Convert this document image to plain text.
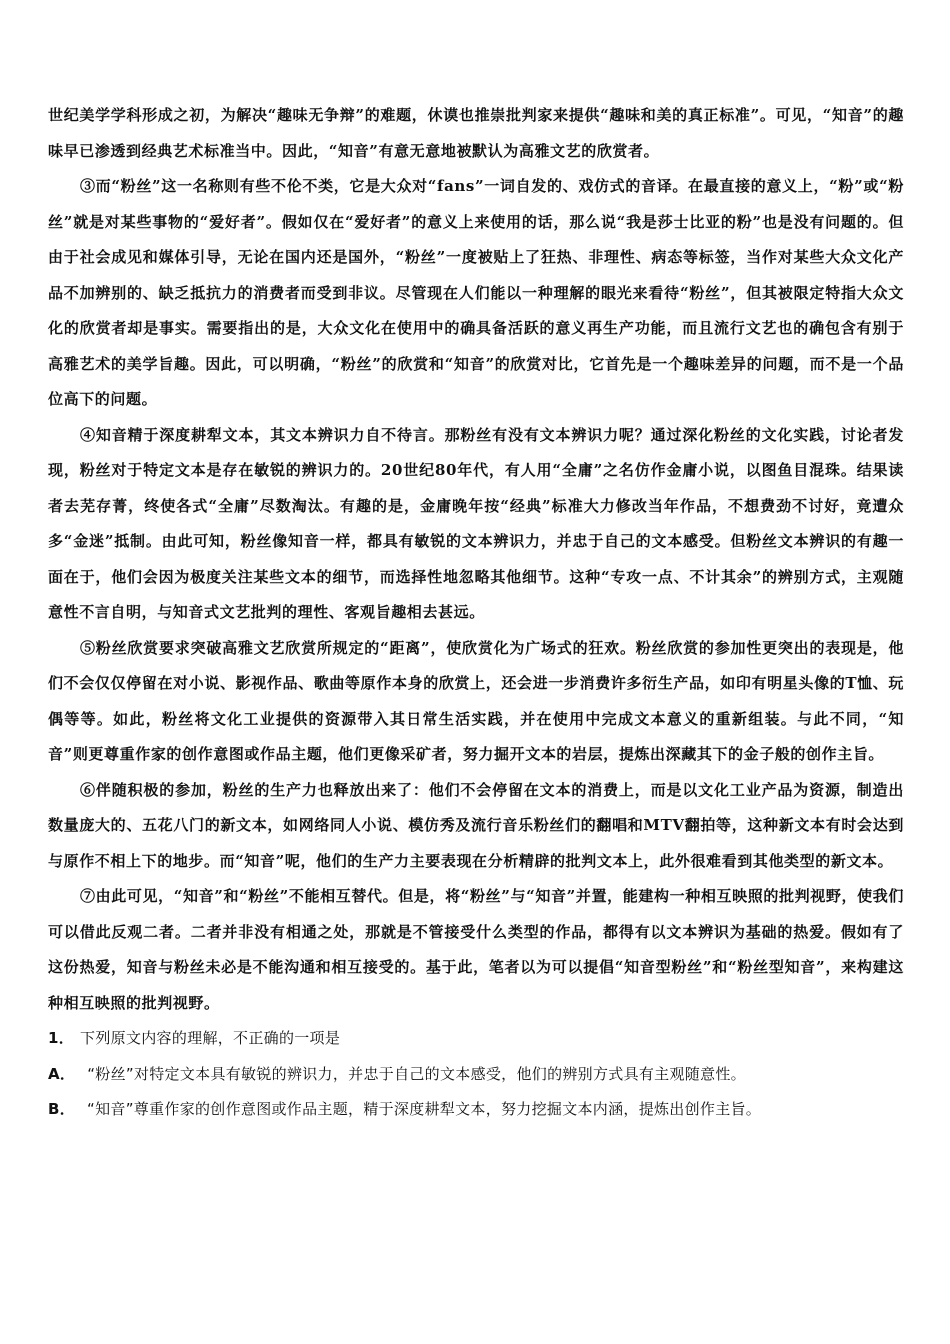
世纪美学学科形成之初，为解决“趣味无争辩”的难题，休谟也推崇批判家来提供“趣味和美的真正标准”。可见，“知音”的趣味早已渗透到经典艺术标准当中。因此，“知音”有意无意地被默认为高雅文艺的欣赏者。

③而“粉丝”这一名称则有些不伦不类，它是大众对“fans”一词自发的、戏仿式的音译。在最直接的意义上，“粉”或“粉丝”就是对某些事物的“爱好者”。假如仅在“爱好者”的意义上来使用的话，那么说“我是莎士比亚的粉”也是没有问题的。但由于社会成见和媒体引导，无论在国内还是国外，“粉丝”一度被贴上了狂热、非理性、病态等标签，当作对某些大众文化产品不加辨别的、缺乏抵抗力的消费者而受到非议。尽管现在人们能以一种理解的眼光来看待“粉丝”，但其被限定特指大众文化的欣赏者却是事实。需要指出的是，大众文化在使用中的确具备活跃的意义再生产功能，而且流行文艺也的确包含有别于高雅艺术的美学旨趣。因此，可以明确，“粉丝”的欣赏和“知音”的欣赏对比，它首先是一个趣味差异的问题，而不是一个品位高下的问题。

④知音精于深度耕犁文本，其文本辨识力自不待言。那粉丝有没有文本辨识力呢？通过深化粉丝的文化实践，讨论者发现，粉丝对于特定文本是存在敏锐的辨识力的。20世纪80年代，有人用“全庸”之名仿作金庸小说，以图鱼目混珠。结果读者去芜存菁，终使各式“全庸”尽数淘汰。有趣的是，金庸晚年按“经典”标准大力修改当年作品，不想费劲不讨好，竟遭众多“金迷”抵制。由此可知，粉丝像知音一样，都具有敏锐的文本辨识力，并忠于自己的文本感受。但粉丝文本辨识的有趣一面在于，他们会因为极度关注某些文本的细节，而选择性地忽略其他细节。这种“专攻一点、不计其余”的辨别方式，主观随意性不言自明，与知音式文艺批判的理性、客观旨趣相去甚远。

⑤粉丝欣赏要求突破高雅文艺欣赏所规定的“距离”，使欣赏化为广场式的狂欢。粉丝欣赏的参加性更突出的表现是，他们不会仅仅停留在对小说、影视作品、歌曲等原作本身的欣赏上，还会进一步消费许多衍生产品，如印有明星头像的T恤、玩偶等等。如此，粉丝将文化工业提供的资源带入其日常生活实践，并在使用中完成文本意义的重新组装。与此不同，“知音”则更尊重作家的创作意图或作品主题，他们更像采矿者，努力掘开文本的岩层，提炼出深藏其下的金子般的创作主旨。

⑥伴随积极的参加，粉丝的生产力也释放出来了：他们不会停留在文本的消费上，而是以文化工业产品为资源，制造出数量庞大的、五花八门的新文本，如网络同人小说、模仿秀及流行音乐粉丝们的翻唱和MTV翻拍等，这种新文本有时会达到与原作不相上下的地步。而“知音”呢，他们的生产力主要表现在分析精辟的批判文本上，此外很难看到其他类型的新文本。

⑦由此可见，“知音”和“粉丝”不能相互替代。但是，将“粉丝”与“知音”并置，能建构一种相互映照的批判视野，使我们可以借此反观二者。二者并非没有相通之处，那就是不管接受什么类型的作品，都得有以文本辨识为基础的热爱。假如有了这份热爱，知音与粉丝未必是不能沟通和相互接受的。基于此，笔者以为可以提倡“知音型粉丝”和“粉丝型知音”，来构建这种相互映照的批判视野。

1． 下列原文内容的理解，不正确的一项是

A． “粉丝”对特定文本具有敏锐的辨识力，并忠于自己的文本感受，他们的辨别方式具有主观随意性。

B． “知音”尊重作家的创作意图或作品主题，精于深度耕犁文本，努力挖掘文本内涵，提炼出创作主旨。
